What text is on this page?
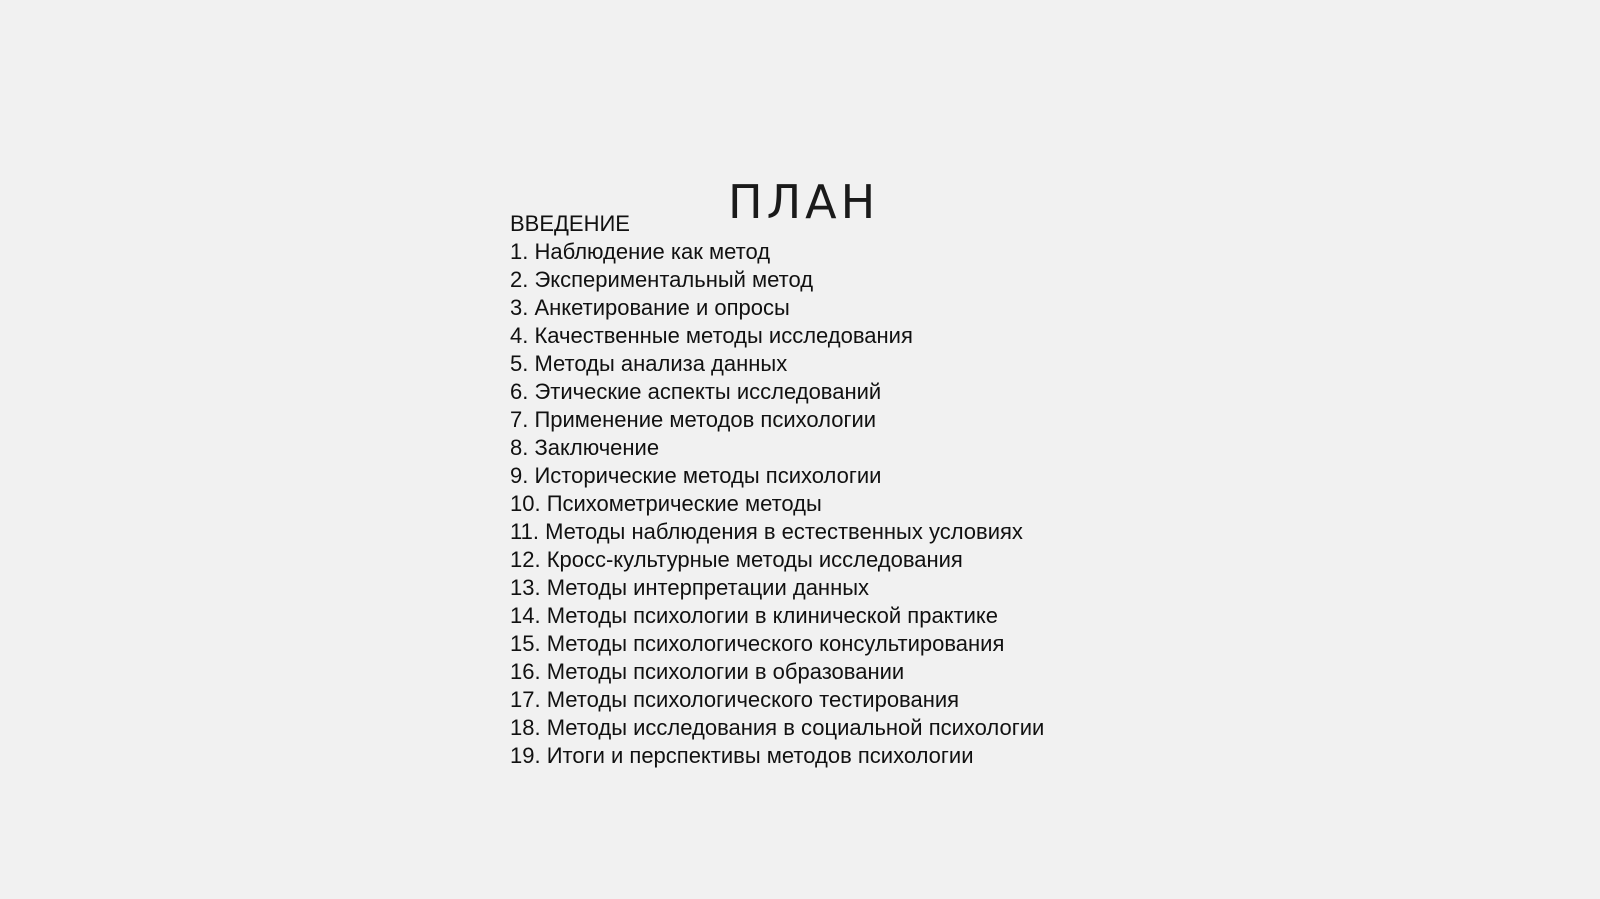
ПЛАН
ВВЕДЕНИЕ
1. Наблюдение как метод
2. Экспериментальный метод
3. Анкетирование и опросы
4. Качественные методы исследования
5. Методы анализа данных
6. Этические аспекты исследований
7. Применение методов психологии
8. Заключение
9. Исторические методы психологии
10. Психометрические методы
11. Методы наблюдения в естественных условиях
12. Кросс-культурные методы исследования
13. Методы интерпретации данных
14. Методы психологии в клинической практике
15. Методы психологического консультирования
16. Методы психологии в образовании
17. Методы психологического тестирования
18. Методы исследования в социальной психологии
19. Итоги и перспективы методов психологии
